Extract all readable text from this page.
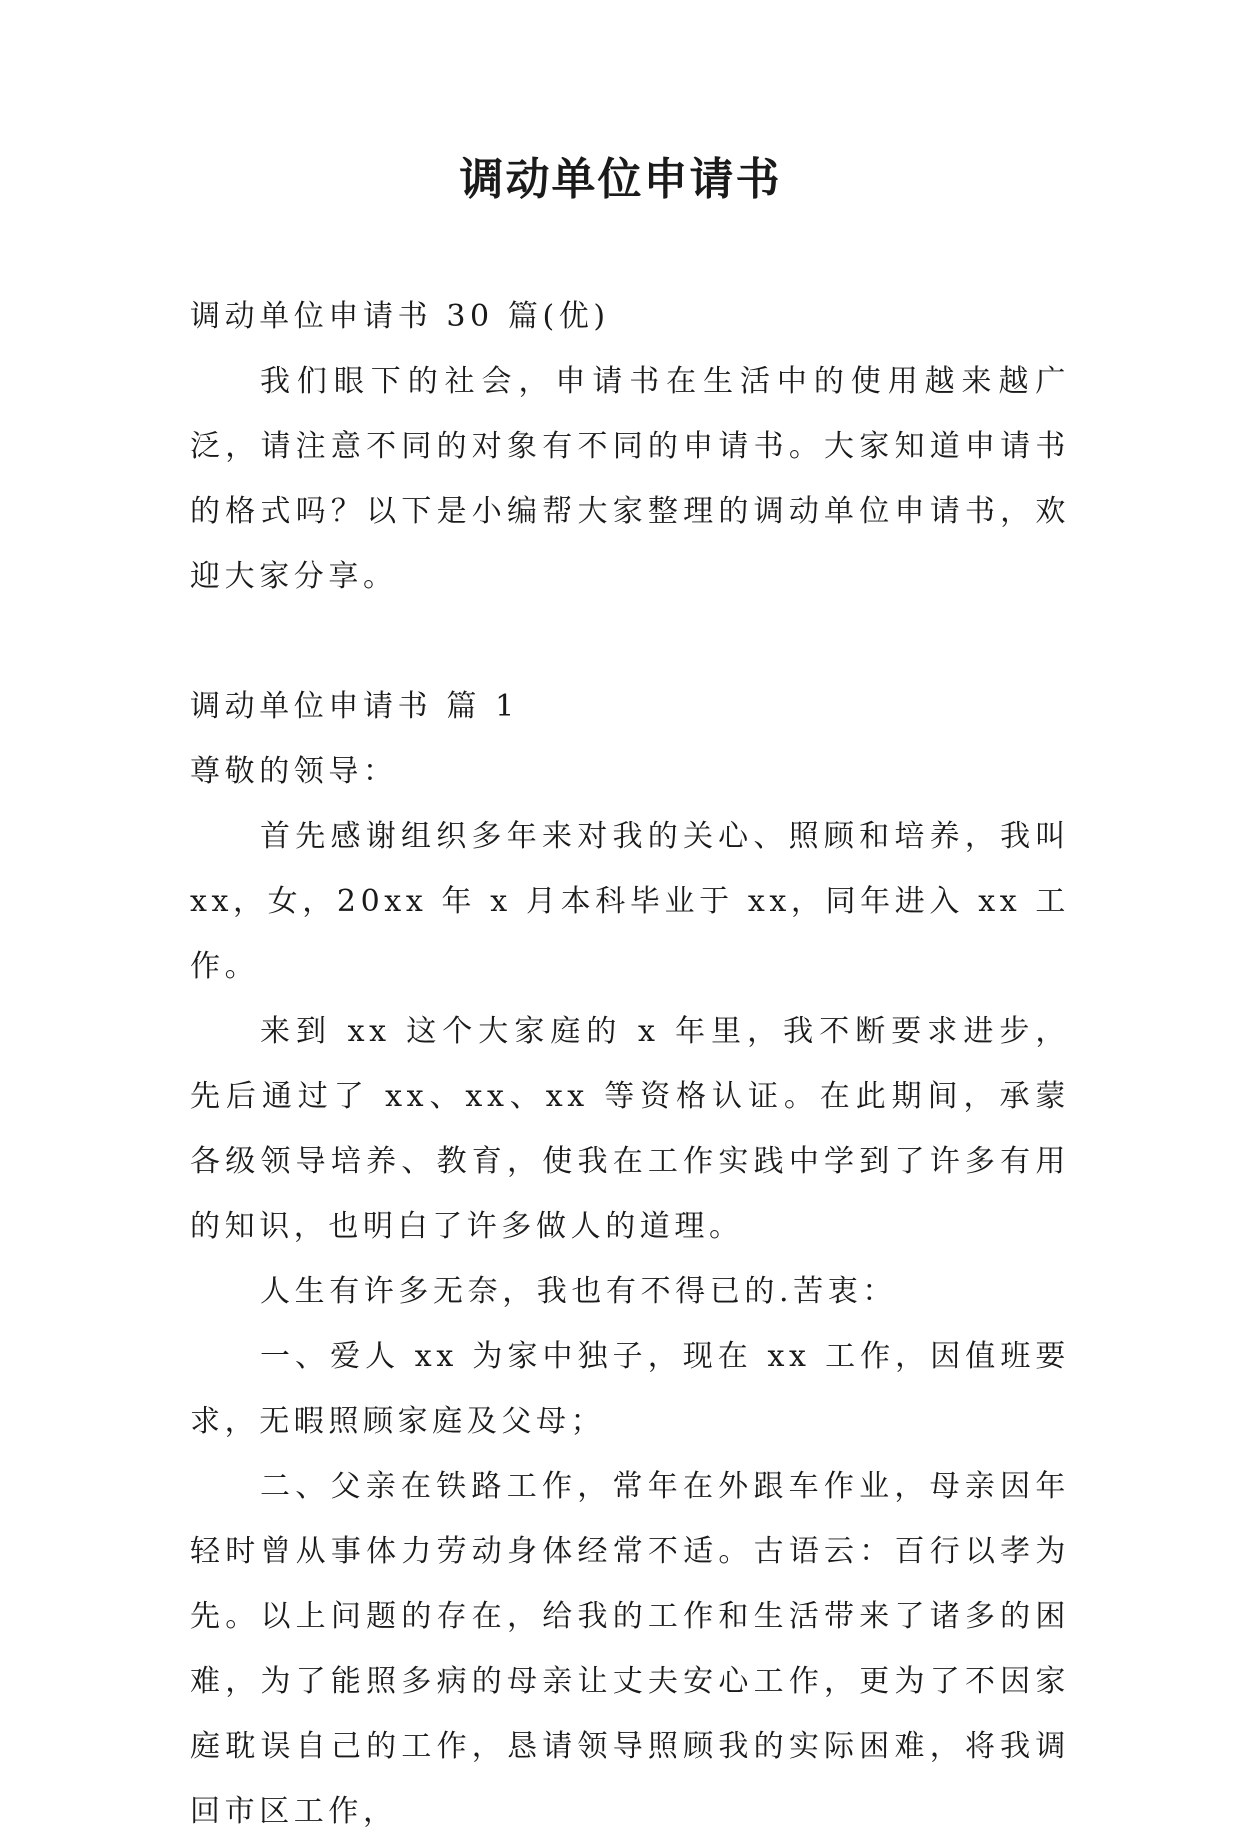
调动单位申请书

调动单位申请书 30 篇(优)

我们眼下的社会，申请书在生活中的使用越来越广泛，请注意不同的对象有不同的申请书。大家知道申请书的格式吗？以下是小编帮大家整理的调动单位申请书，欢迎大家分享。

调动单位申请书 篇 1

尊敬的领导：

首先感谢组织多年来对我的关心、照顾和培养，我叫 xx，女，20xx 年 x 月本科毕业于 xx，同年进入 xx 工作。

来到 xx 这个大家庭的 x 年里，我不断要求进步，先后通过了 xx、xx、xx 等资格认证。在此期间，承蒙各级领导培养、教育，使我在工作实践中学到了许多有用的知识，也明白了许多做人的道理。

人生有许多无奈，我也有不得已的.苦衷：

一、爱人 xx 为家中独子，现在 xx 工作，因值班要求，无暇照顾家庭及父母；

二、父亲在铁路工作，常年在外跟车作业，母亲因年轻时曾从事体力劳动身体经常不适。古语云：百行以孝为先。以上问题的存在，给我的工作和生活带来了诸多的困难，为了能照多病的母亲让丈夫安心工作，更为了不因家庭耽误自己的工作，恳请领导照顾我的实际困难，将我调回市区工作，
